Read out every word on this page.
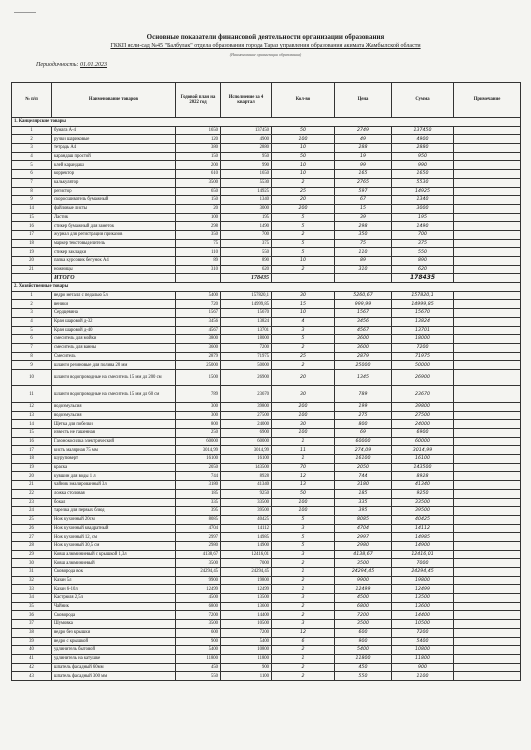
Основные показатели финансовой деятельности организации образования
ГККП ясли-сад №45 "Балбулак" отдела образования города Тараз управления образования акимата Жамбылской области
(Наименование организации образования)
Периодичность: 01.01.2023
№ п/п	Наименование товаров	Годовой план на 2022 год	Исполнение за 4 квартал	Кол-во	Цена	Сумма	Примечание
1. Канцелярские товары							
1	бумага А-4	1650	137450	50	2749	137450	
2	ручки шариковые	120	4900	100	49	4900	
3	тетрадь А4	380	2880	10	288	2880	
4	карандаш простой	150	950	50	19	950	
5	клей карандаш	200	990	10	99	990	
6	корректор	610	1650	10	165	1650	
7	калькулятор	3500	5530	2	2765	5530	
8	регистор	650	14925	25	597	14925	
9	скоросшиватель бумажный	150	1340	20	67	1340	
14	файловые листы	20	3000	200	15	3000	
15	Ластик	100	195	5	39	195	
16	стикер бумажный для заметок	298	1490	5	298	1490	
17	журнал для регистрации приказов	350	700	2	350	700	
18	маркер текстовыделитель	75	375	5	75	375	
19	стикер закладки	110	550	5	110	550	
20	папка курсовик бегунок А4	89	890	10	89	890	
21	ножницы	310	620	2	310	620	
	ИТОГО		178435			178435	
2. Хозяйственные товары							
1	ведро металл с педалью 5л	5400	157820,1	30	5260,67	157820,1	
2	веники	720	14999,85	15	999,99	14999,85	
3	Сердцевина	1567	15670	10	1567	15670	
4	Кран шаровой д-32	3456	13824	4	3456	13824	
5	Кран шаровой д-40	4567	13701	3	4567	13701	
6	смеситель для мойки	3800	18000	5	3600	18000	
7	смеситель для ванны	3600	7200	2	3600	7200	
8	Смеситель	2879	71975	25	2879	71975	
9	шланги резиновые для полива 20 мм	25000	50000	2	25000	50000	
10	шланги водопроводные на смеситель 15 мм дл 200 см	1500	26900	20	1345	26900	
11	шланги водопроводные на смеситель 15 мм дл 60 см	789	23670	30	789	23670	
12	водоэмульсия	300	39800	200	199	39800	
13	водоэмульсия	300	27500	100	275	27500	
14	Щетка для побелки	800	24000	30	800	24000	
15	известь не гашенная	250	6900	100	69	6900	
16	Газонокосилка электрический	60000	60000	1	60000	60000	
17	кисть малярная 75 мм	3014,99	3014,99	11	274,09	3014,99	
18	шуруповерт	16100	16100	1	16100	16100	
19	краска	2050	143500	70	2050	143500	
20	кувшин для воды 1 л	744	8928	12	744	8928	
21	чайник эмалированный 3л	3180	41340	13	3180	41340	
22	ложка столовая	185	9250	50	185	9250	
23	бокал	335	33500	100	335	33500	
24	тарелка для первых блюд	395	39500	100	395	39500	
25	Нож кухонный 20см	8085	40425	5	8085	40425	
26	Нож кухонный квадратный	4704	14112	3	4704	14112	
27	Нож кухонный 12, см	2997	14985	5	2997	14985	
28	Нож кухонный 30,5 см	2980	14900	5	2980	14900	
29	Ковш алюминиевый с крышкой 1,3л	4138,67	12416,01	3	4138,67	12416,01	
30	Ковш алюминиевый	3500	7000	2	3500	7000	
31	Сковорода вок	24294,45	24294,45	1	24294,45	24294,45	
32	Казан 5л	9900	19800	2	9900	19800	
33	Казан 6-10л	12499	12499	1	12499	12499	
34	Кастрюля 2,5л	4500	13500	3	4500	13500	
35	Чайник	6800	13600	2	6800	13600	
36	Сковорода	7200	14400	2	7200	14400	
37	Шумовка	3500	10500	3	3500	10500	
38	ведро без крышки	600	7200	12	600	7200	
39	ведро с крышкой	900	5400	6	900	5400	
40	удлинитель бытовой	5400	10800	2	5400	10800	
41	удлинитель на катушке	11800	11800	1	11800	11800	
42	шпатель фасадный 60мм	450	900	2	450	900	
43	шпатель фасадный 300 мм	550	1100	2	550	1100	
